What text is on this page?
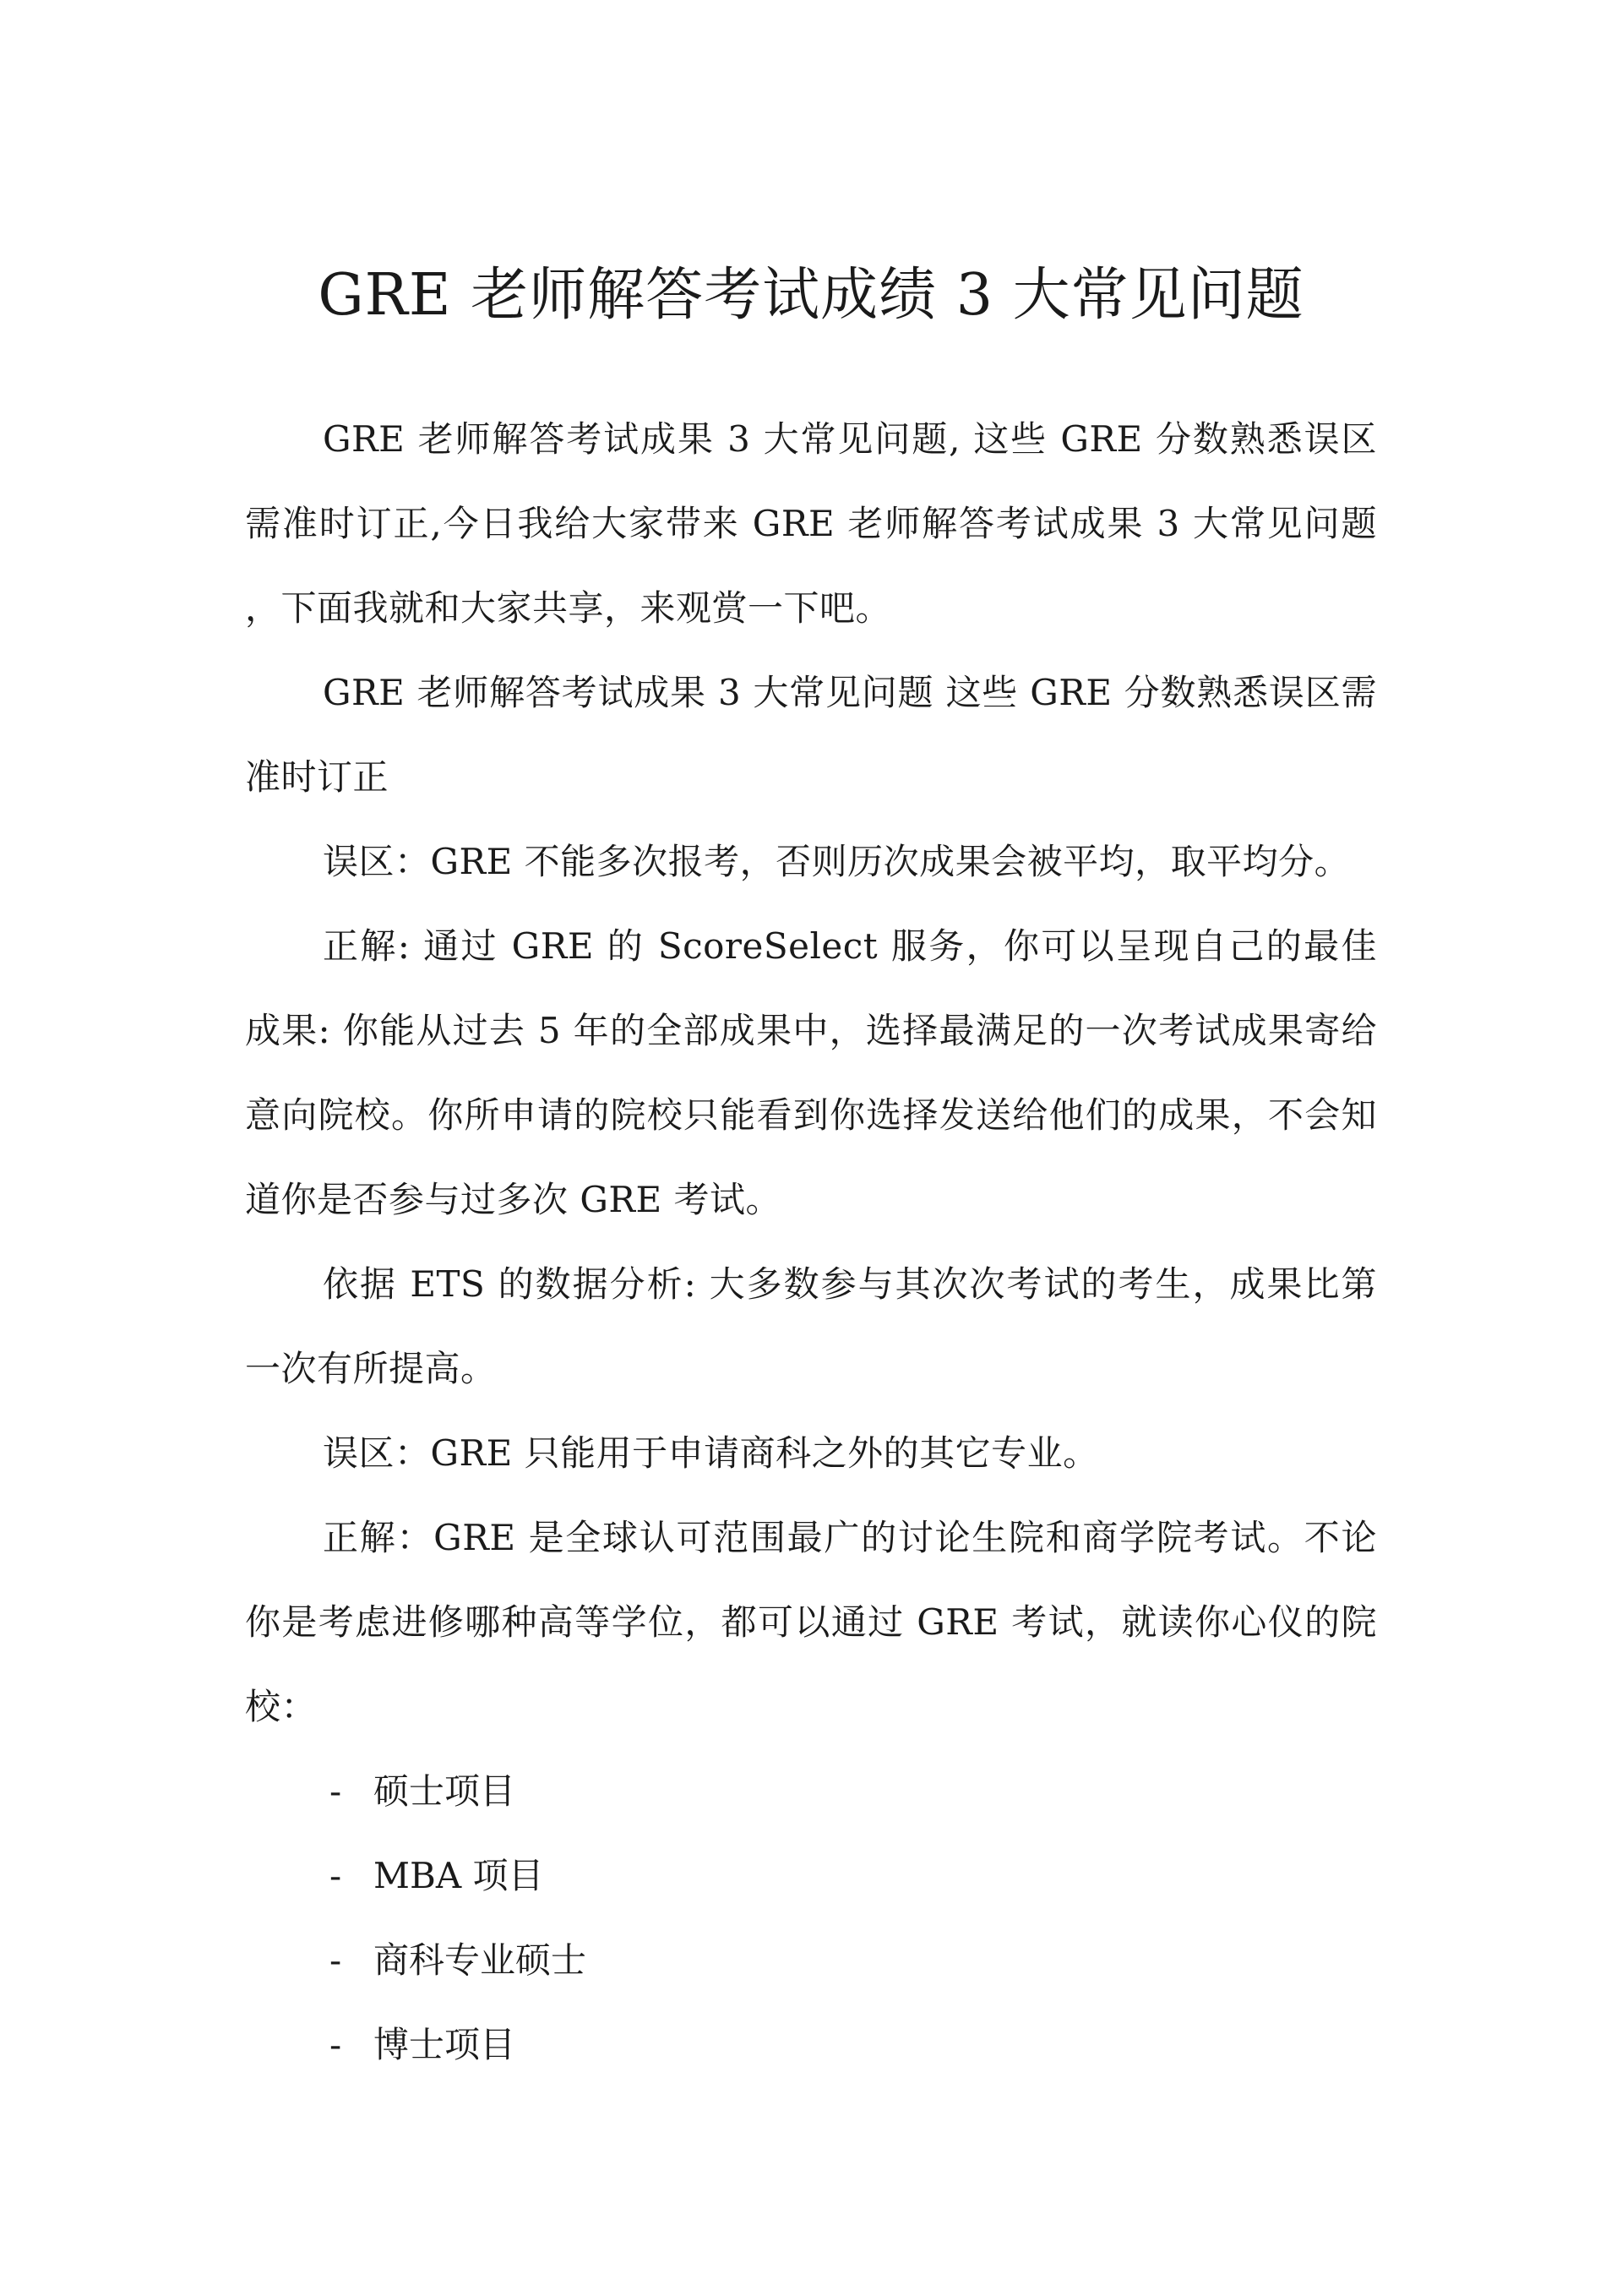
GRE 老师解答考试成绩 3 大常见问题

GRE 老师解答考试成果 3 大常见问题, 这些 GRE 分数熟悉误区需准时订正,今日我给大家带来 GRE 老师解答考试成果 3 大常见问题 ，下面我就和大家共享，来观赏一下吧。

GRE 老师解答考试成果 3 大常见问题 这些 GRE 分数熟悉误区需准时订正

误区：GRE 不能多次报考，否则历次成果会被平均，取平均分。

正解: 通过 GRE 的 ScoreSelect 服务，你可以呈现自己的最佳成果: 你能从过去 5 年的全部成果中，选择最满足的一次考试成果寄给意向院校。你所申请的院校只能看到你选择发送给他们的成果，不会知道你是否参与过多次 GRE 考试。

依据 ETS 的数据分析: 大多数参与其次次考试的考生，成果比第一次有所提高。

误区：GRE 只能用于申请商科之外的其它专业。

正解：GRE 是全球认可范围最广的讨论生院和商学院考试。不论你是考虑进修哪种高等学位，都可以通过 GRE 考试，就读你心仪的院校：

- 硕士项目
- MBA 项目
- 商科专业硕士
- 博士项目
